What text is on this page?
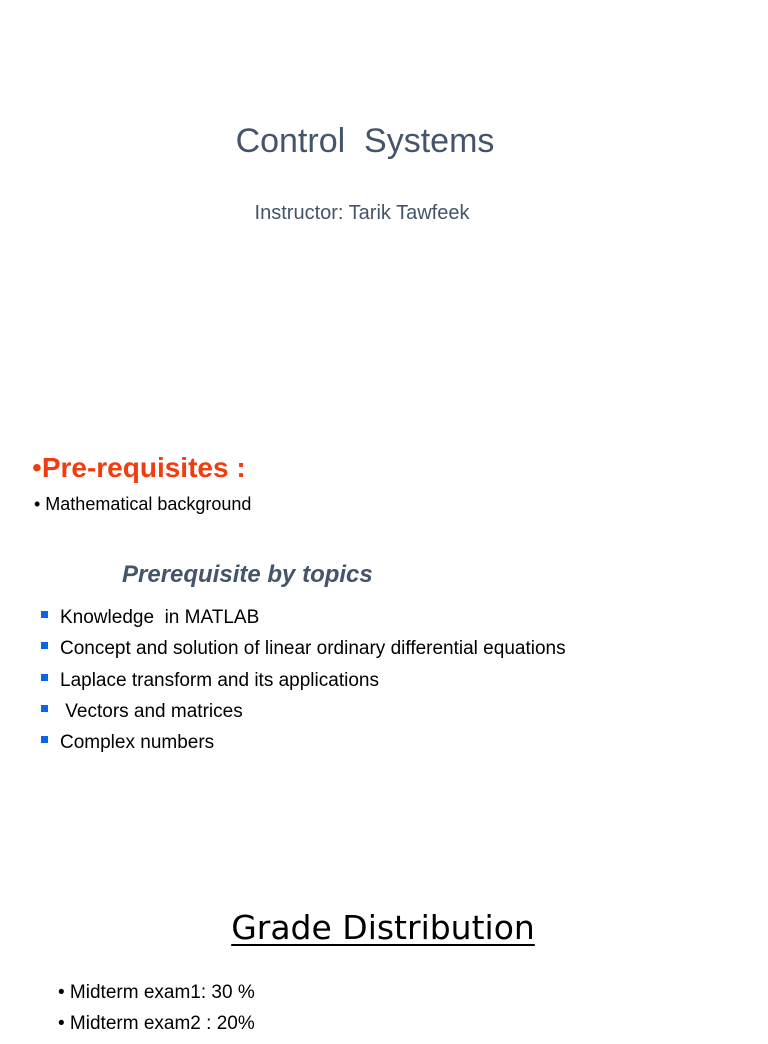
Control  Systems
Instructor: Tarik Tawfeek
•Pre-requisites :
• Mathematical background
Prerequisite by topics
Knowledge  in MATLAB
Concept and solution of linear ordinary differential equations
Laplace transform and its applications
Vectors and matrices
Complex numbers
Grade Distribution
• Midterm exam1: 30 %
• Midterm exam2 : 20%
